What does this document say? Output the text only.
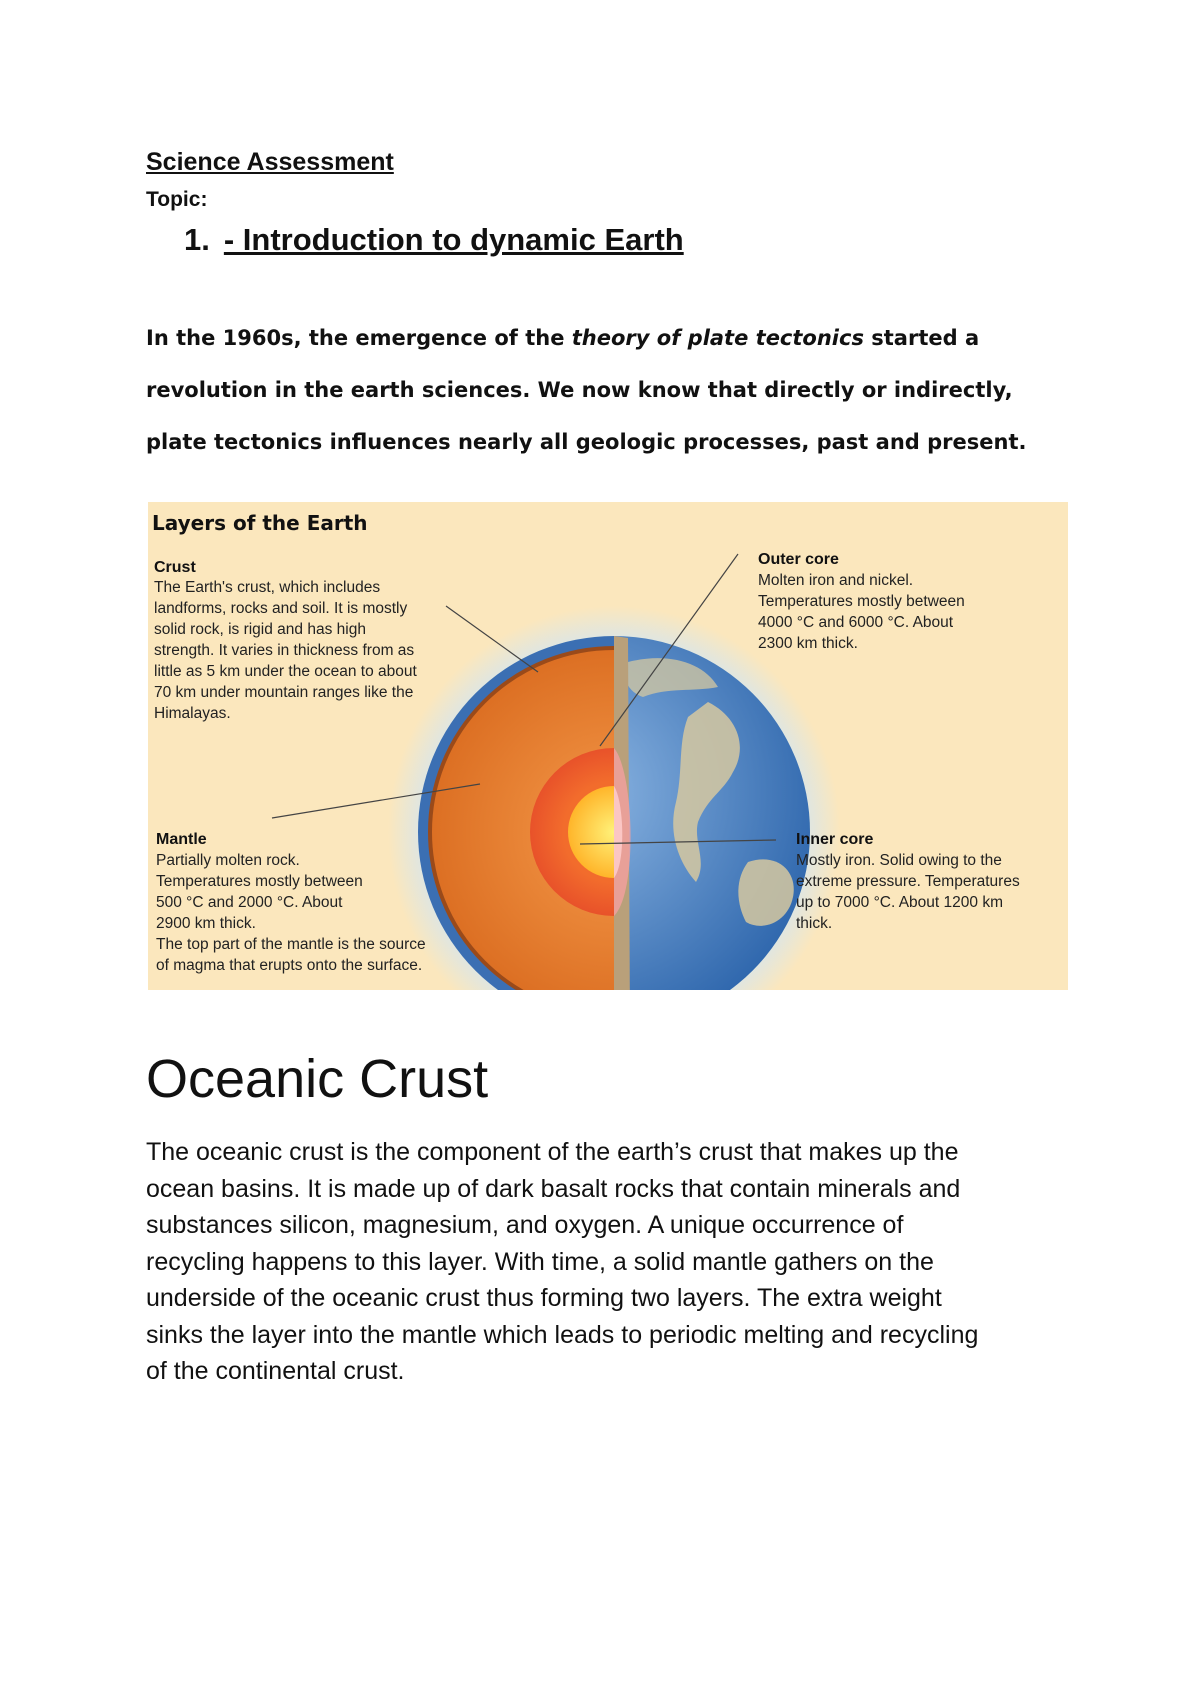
Science Assessment
Topic:
1. - Introduction to dynamic Earth

In the 1960s, the emergence of the theory of plate tectonics started a

revolution in the earth sciences. We now know that directly or indirectly,

plate tectonics influences nearly all geologic processes, past and present.

Layers of the Earth
Crust
The Earth's crust, which includes
landforms, rocks and soil. It is mostly
solid rock, is rigid and has high
strength. It varies in thickness from as
little as 5 km under the ocean to about
70 km under mountain ranges like the
Himalayas.
Outer core
Molten iron and nickel.
Temperatures mostly between
4000 °C and 6000 °C. About
2300 km thick.
Mantle
Partially molten rock.
Temperatures mostly between
500 °C and 2000 °C. About
2900 km thick.
The top part of the mantle is the source
of magma that erupts onto the surface.
Inner core
Mostly iron. Solid owing to the
extreme pressure. Temperatures
up to 7000 °C. About 1200 km
thick.
Oceanic Crust

The oceanic crust is the component of the earth’s crust that makes up the

ocean basins. It is made up of dark basalt rocks that contain minerals and

substances silicon, magnesium, and oxygen. A unique occurrence of

recycling happens to this layer. With time, a solid mantle gathers on the

underside of the oceanic crust thus forming two layers. The extra weight

sinks the layer into the mantle which leads to periodic melting and recycling

of the continental crust.
